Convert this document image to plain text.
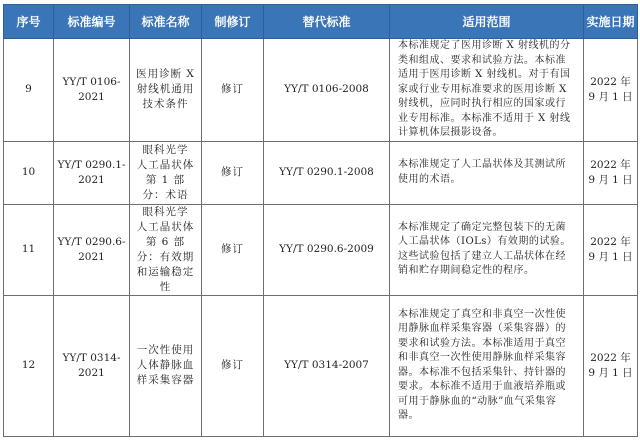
序号	标准编号	标准名称	制修订	替代标准	适用范围	实施日期
9	YY/T 0106-2021	医用诊断 X 射线机通用技术条件	修订	YY/T 0106-2008	本标准规定了医用诊断 X 射线机的分类和组成、要求和试验方法。本标准适用于医用诊断 X 射线机。对于有国家或行业专用标准要求的医用诊断 X 射线机，应同时执行相应的国家或行业专用标准。本标准不适用于 X 射线计算机体层摄影设备。	2022 年 9 月 1 日
10	YY/T 0290.1-2021	眼科光学 人工晶状体 第 1 部分：术语	修订	YY/T 0290.1-2008	本标准规定了人工晶状体及其测试所使用的术语。	2022 年 9 月 1 日
11	YY/T 0290.6-2021	眼科光学 人工晶状体 第 6 部分：有效期和运输稳定性	修订	YY/T 0290.6-2009	本标准规定了确定完整包装下的无菌人工晶状体（IOLs）有效期的试验。这些试验包括了建立人工晶状体在经销和贮存期间稳定性的程序。	2022 年 9 月 1 日
12	YY/T 0314-2021	一次性使用人体静脉血样采集容器	修订	YY/T 0314-2007	本标准规定了真空和非真空一次性使用静脉血样采集容器（采集容器）的要求和试验方法。本标准适用于真空和非真空一次性使用静脉血样采集容器。本标准不包括采集针、持针器的要求。本标准不适用于血液培养瓶或可用于静脉血的“动脉”血气采集容器。	2022 年 9 月 1 日
